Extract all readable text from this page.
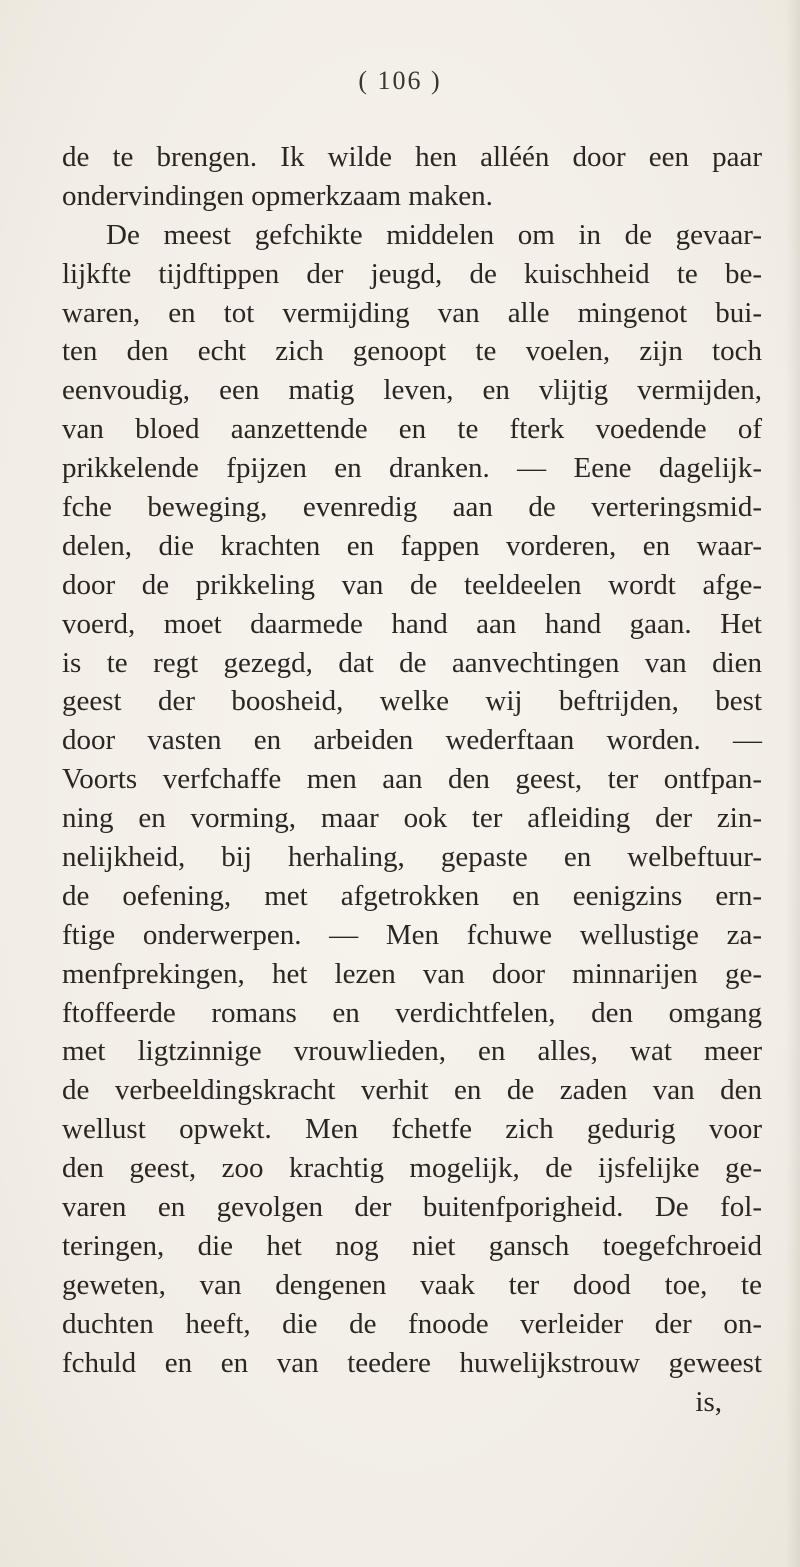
( 106 )
de te brengen. Ik wilde hen alléén door een paar
ondervindingen opmerkzaam maken.
De meest gefchikte middelen om in de gevaar-
lijkfte tijdftippen der jeugd, de kuischheid te be-
waren, en tot vermijding van alle mingenot bui-
ten den echt zich genoopt te voelen, zijn toch
eenvoudig, een matig leven, en vlijtig vermijden,
van bloed aanzettende en te fterk voedende of
prikkelende fpijzen en dranken. — Eene dagelijk-
fche beweging, evenredig aan de verteringsmid-
delen, die krachten en fappen vorderen, en waar-
door de prikkeling van de teeldeelen wordt afge-
voerd, moet daarmede hand aan hand gaan. Het
is te regt gezegd, dat de aanvechtingen van dien
geest der boosheid, welke wij beftrijden, best
door vasten en arbeiden wederftaan worden. —
Voorts verfchaffe men aan den geest, ter ontfpan-
ning en vorming, maar ook ter afleiding der zin-
nelijkheid, bij herhaling, gepaste en welbeftuur-
de oefening, met afgetrokken en eenigzins ern-
ftige onderwerpen. — Men fchuwe wellustige za-
menfprekingen, het lezen van door minnarijen ge-
ftoffeerde romans en verdichtfelen, den omgang
met ligtzinnige vrouwlieden, en alles, wat meer
de verbeeldingskracht verhit en de zaden van den
wellust opwekt. Men fchetfe zich gedurig voor
den geest, zoo krachtig mogelijk, de ijsfelijke ge-
varen en gevolgen der buitenfporigheid. De fol-
teringen, die het nog niet gansch toegefchroeid
geweten, van dengenen vaak ter dood toe, te
duchten heeft, die de fnoode verleider der on-
fchuld en en van teedere huwelijkstrouw geweest
is,
